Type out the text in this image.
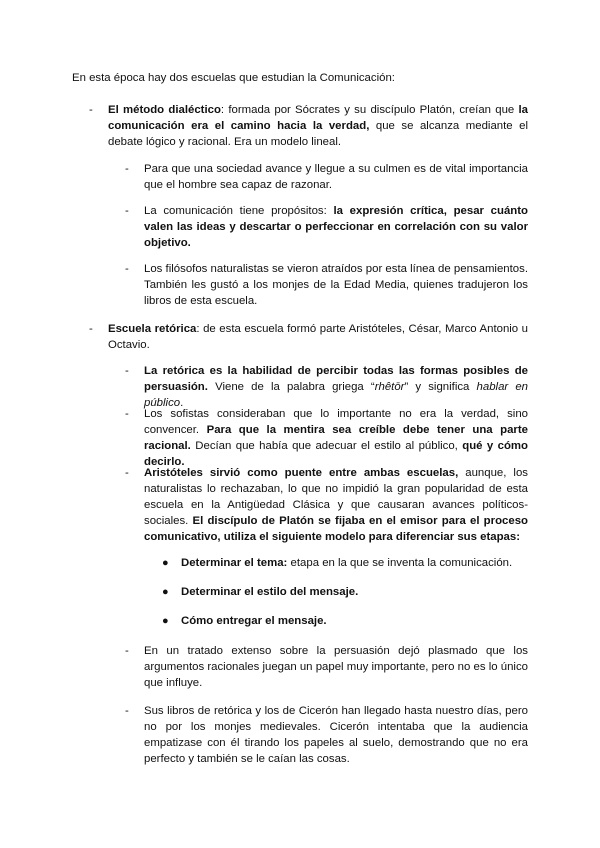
En esta época hay dos escuelas que estudian la Comunicación:
-	El método dialéctico: formada por Sócrates y su discípulo Platón, creían que la comunicación era el camino hacia la verdad, que se alcanza mediante el debate lógico y racional. Era un modelo lineal.
-	Para que una sociedad avance y llegue a su culmen es de vital importancia que el hombre sea capaz de razonar.
-	La comunicación tiene propósitos: la expresión crítica, pesar cuánto valen las ideas y descartar o perfeccionar en correlación con su valor objetivo.
-	Los filósofos naturalistas se vieron atraídos por esta línea de pensamientos. También les gustó a los monjes de la Edad Media, quienes tradujeron los libros de esta escuela.
-	Escuela retórica: de esta escuela formó parte Aristóteles, César, Marco Antonio u Octavio.
-	La retórica es la habilidad de percibir todas las formas posibles de persuasión. Viene de la palabra griega “rhêtōr” y significa hablar en público.
-	Los sofistas consideraban que lo importante no era la verdad, sino convencer. Para que la mentira sea creíble debe tener una parte racional. Decían que había que adecuar el estilo al público, qué y cómo decirlo.
-	Aristóteles sirvió como puente entre ambas escuelas, aunque, los naturalistas lo rechazaban, lo que no impidió la gran popularidad de esta escuela en la Antigüedad Clásica y que causaran avances políticos-sociales. El discípulo de Platón se fijaba en el emisor para el proceso comunicativo, utiliza el siguiente modelo para diferenciar sus etapas:
● Determinar el tema: etapa en la que se inventa la comunicación.
● Determinar el estilo del mensaje.
● Cómo entregar el mensaje.
-	En un tratado extenso sobre la persuasión dejó plasmado que los argumentos racionales juegan un papel muy importante, pero no es lo único que influye.
-	Sus libros de retórica y los de Cicerón han llegado hasta nuestro días, pero no por los monjes medievales. Cicerón intentaba que la audiencia empatizase con él tirando los papeles al suelo, demostrando que no era perfecto y también se le caían las cosas.
